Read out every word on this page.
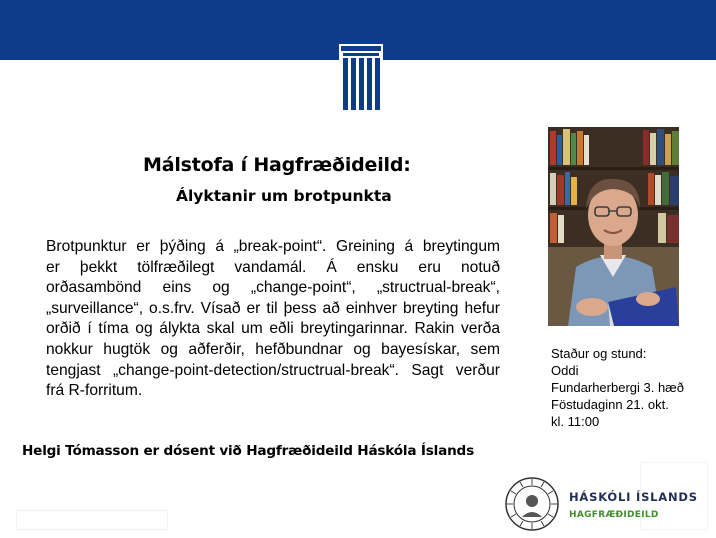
Málstofa í Hagfræðideild:
Ályktanir um brotpunkta
Brotpunktur er þýðing á „break-point“. Greining á breytingum
er þekkt tölfræðilegt vandamál. Á ensku eru notuð
orðasambönd eins og „change-point“, „structrual-break“,
„surveillance“, o.s.frv. Vísað er til þess að einhver breyting hefur
orðið í tíma og álykta skal um eðli breytingarinnar. Rakin verða
nokkur hugtök og aðferðir, hefðbundnar og bayesískar, sem
tengjast „change-point-detection/structrual-break“. Sagt verður
frá R-forritum.
Staður og stund:
Oddi
Fundarherbergi 3. hæð
Föstudaginn 21. okt.
kl. 11:00
Helgi Tómasson er dósent við Hagfræðideild Háskóla Íslands
HÁSKÓLI ÍSLANDS
HAGFRÆÐIDEILD
